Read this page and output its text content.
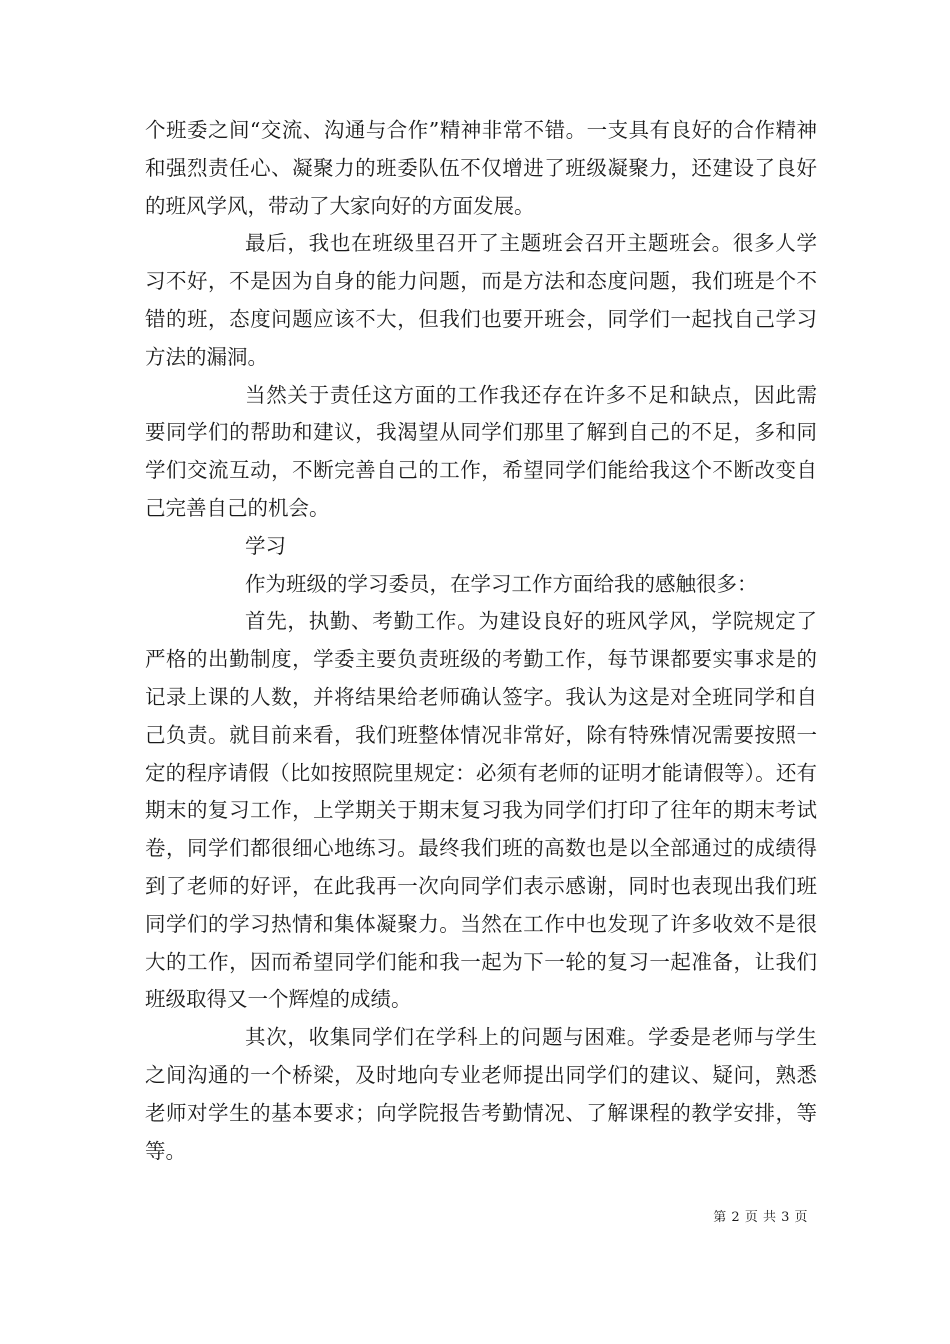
个班委之间“交流、沟通与合作”精神非常不错。一支具有良好的合作精神和强烈责任心、凝聚力的班委队伍不仅增进了班级凝聚力，还建设了良好的班风学风，带动了大家向好的方面发展。

最后，我也在班级里召开了主题班会召开主题班会。很多人学习不好，不是因为自身的能力问题，而是方法和态度问题，我们班是个不错的班，态度问题应该不大，但我们也要开班会，同学们一起找自己学习方法的漏洞。

当然关于责任这方面的工作我还存在许多不足和缺点，因此需要同学们的帮助和建议，我渴望从同学们那里了解到自己的不足，多和同学们交流互动，不断完善自己的工作，希望同学们能给我这个不断改变自己完善自己的机会。

学习

作为班级的学习委员，在学习工作方面给我的感触很多：

首先，执勤、考勤工作。为建设良好的班风学风，学院规定了严格的出勤制度，学委主要负责班级的考勤工作，每节课都要实事求是的记录上课的人数，并将结果给老师确认签字。我认为这是对全班同学和自己负责。就目前来看，我们班整体情况非常好，除有特殊情况需要按照一定的程序请假（比如按照院里规定：必须有老师的证明才能请假等）。还有期末的复习工作，上学期关于期末复习我为同学们打印了往年的期末考试卷，同学们都很细心地练习。最终我们班的高数也是以全部通过的成绩得到了老师的好评，在此我再一次向同学们表示感谢，同时也表现出我们班同学们的学习热情和集体凝聚力。当然在工作中也发现了许多收效不是很大的工作，因而希望同学们能和我一起为下一轮的复习一起准备，让我们班级取得又一个辉煌的成绩。

其次，收集同学们在学科上的问题与困难。学委是老师与学生之间沟通的一个桥梁，及时地向专业老师提出同学们的建议、疑问，熟悉老师对学生的基本要求；向学院报告考勤情况、了解课程的教学安排，等等。

第 2 页 共 3 页
